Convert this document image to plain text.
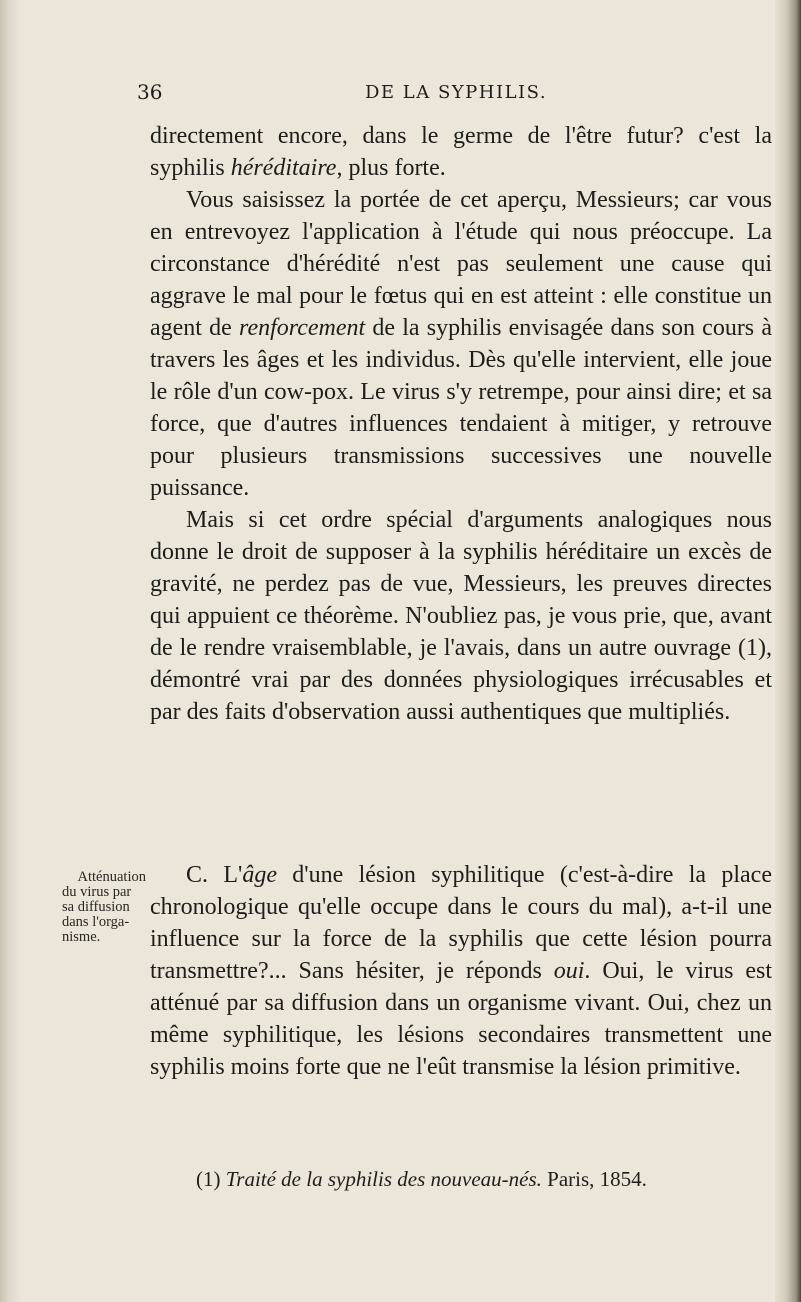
36	DE LA SYPHILIS.

directement encore, dans le germe de l'être futur? c'est la syphilis héréditaire, plus forte.

Vous saisissez la portée de cet aperçu, Messieurs; car vous en entrevoyez l'application à l'étude qui nous préoccupe. La circonstance d'hérédité n'est pas seulement une cause qui aggrave le mal pour le fœtus qui en est atteint : elle constitue un agent de renforcement de la syphilis envisagée dans son cours à travers les âges et les individus. Dès qu'elle intervient, elle joue le rôle d'un cow-pox. Le virus s'y retrempe, pour ainsi dire; et sa force, que d'autres influences tendaient à mitiger, y retrouve pour plusieurs transmissions successives une nouvelle puissance.

Mais si cet ordre spécial d'arguments analogiques nous donne le droit de supposer à la syphilis héréditaire un excès de gravité, ne perdez pas de vue, Messieurs, les preuves directes qui appuient ce théorème. N'oubliez pas, je vous prie, que, avant de le rendre vraisemblable, je l'avais, dans un autre ouvrage (1), démontré vrai par des données physiologiques irrécusables et par des faits d'observation aussi authentiques que multipliés.

Atténuation
du virus par
sa diffusion
dans l'orga-
nisme.

C. L'âge d'une lésion syphilitique (c'est-à-dire la place chronologique qu'elle occupe dans le cours du mal), a-t-il une influence sur la force de la syphilis que cette lésion pourra transmettre?... Sans hésiter, je réponds oui. Oui, le virus est atténué par sa diffusion dans un organisme vivant. Oui, chez un même syphilitique, les lésions secondaires transmettent une syphilis moins forte que ne l'eût transmise la lésion primitive.

(1) Traité de la syphilis des nouveau-nés. Paris, 1854.
